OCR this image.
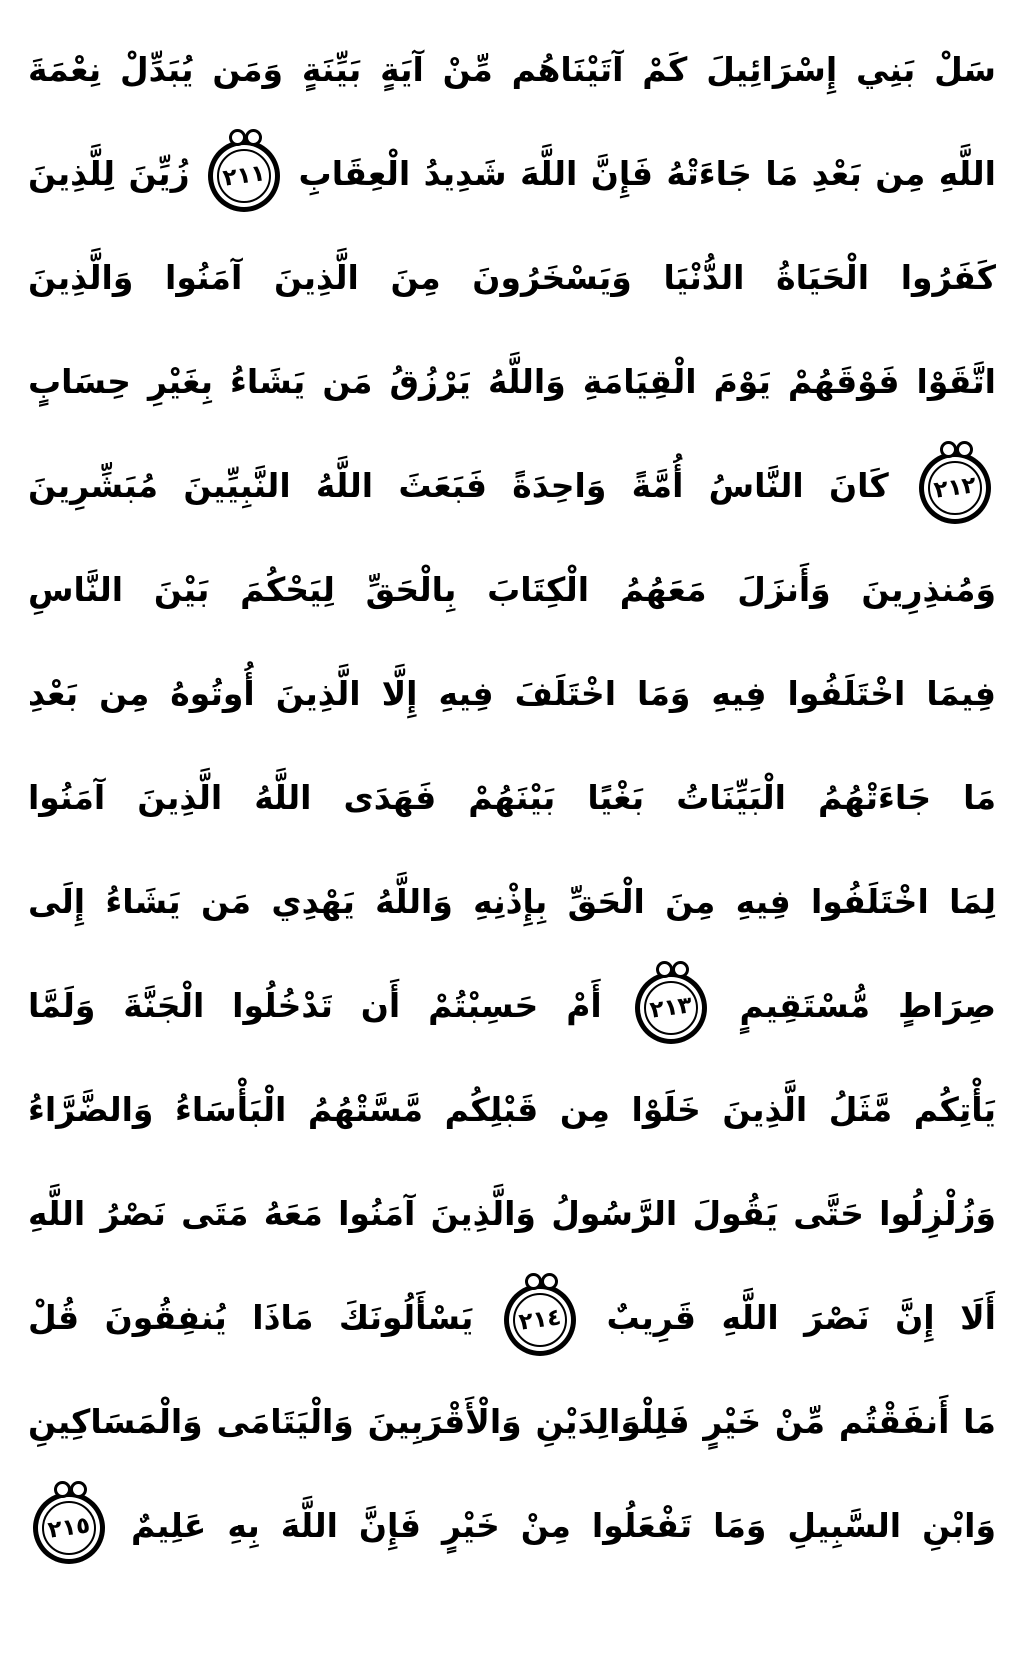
سَلْ بَنِي إِسْرَائِيلَ كَمْ آتَيْنَاهُم مِّنْ آيَةٍ بَيِّنَةٍ وَمَن يُبَدِّلْ نِعْمَةَ
اللَّهِ مِن بَعْدِ مَا جَاءَتْهُ فَإِنَّ اللَّهَ شَدِيدُ الْعِقَابِ
٢١١
زُيِّنَ لِلَّذِينَ
كَفَرُوا الْحَيَاةُ الدُّنْيَا وَيَسْخَرُونَ مِنَ الَّذِينَ آمَنُوا وَالَّذِينَ
اتَّقَوْا فَوْقَهُمْ يَوْمَ الْقِيَامَةِ وَاللَّهُ يَرْزُقُ مَن يَشَاءُ بِغَيْرِ حِسَابٍ
٢١٢
كَانَ النَّاسُ أُمَّةً وَاحِدَةً فَبَعَثَ اللَّهُ النَّبِيِّينَ مُبَشِّرِينَ
وَمُنذِرِينَ وَأَنزَلَ مَعَهُمُ الْكِتَابَ بِالْحَقِّ لِيَحْكُمَ بَيْنَ النَّاسِ
فِيمَا اخْتَلَفُوا فِيهِ وَمَا اخْتَلَفَ فِيهِ إِلَّا الَّذِينَ أُوتُوهُ مِن بَعْدِ
مَا جَاءَتْهُمُ الْبَيِّنَاتُ بَغْيًا بَيْنَهُمْ فَهَدَى اللَّهُ الَّذِينَ آمَنُوا
لِمَا اخْتَلَفُوا فِيهِ مِنَ الْحَقِّ بِإِذْنِهِ وَاللَّهُ يَهْدِي مَن يَشَاءُ إِلَى
صِرَاطٍ مُّسْتَقِيمٍ
٢١٣
أَمْ حَسِبْتُمْ أَن تَدْخُلُوا الْجَنَّةَ وَلَمَّا
يَأْتِكُم مَّثَلُ الَّذِينَ خَلَوْا مِن قَبْلِكُم مَّسَّتْهُمُ الْبَأْسَاءُ وَالضَّرَّاءُ
وَزُلْزِلُوا حَتَّى يَقُولَ الرَّسُولُ وَالَّذِينَ آمَنُوا مَعَهُ مَتَى نَصْرُ اللَّهِ
أَلَا إِنَّ نَصْرَ اللَّهِ قَرِيبٌ
٢١٤
يَسْأَلُونَكَ مَاذَا يُنفِقُونَ قُلْ
مَا أَنفَقْتُم مِّنْ خَيْرٍ فَلِلْوَالِدَيْنِ وَالْأَقْرَبِينَ وَالْيَتَامَى وَالْمَسَاكِينِ
وَابْنِ السَّبِيلِ وَمَا تَفْعَلُوا مِنْ خَيْرٍ فَإِنَّ اللَّهَ بِهِ عَلِيمٌ
٢١٥
